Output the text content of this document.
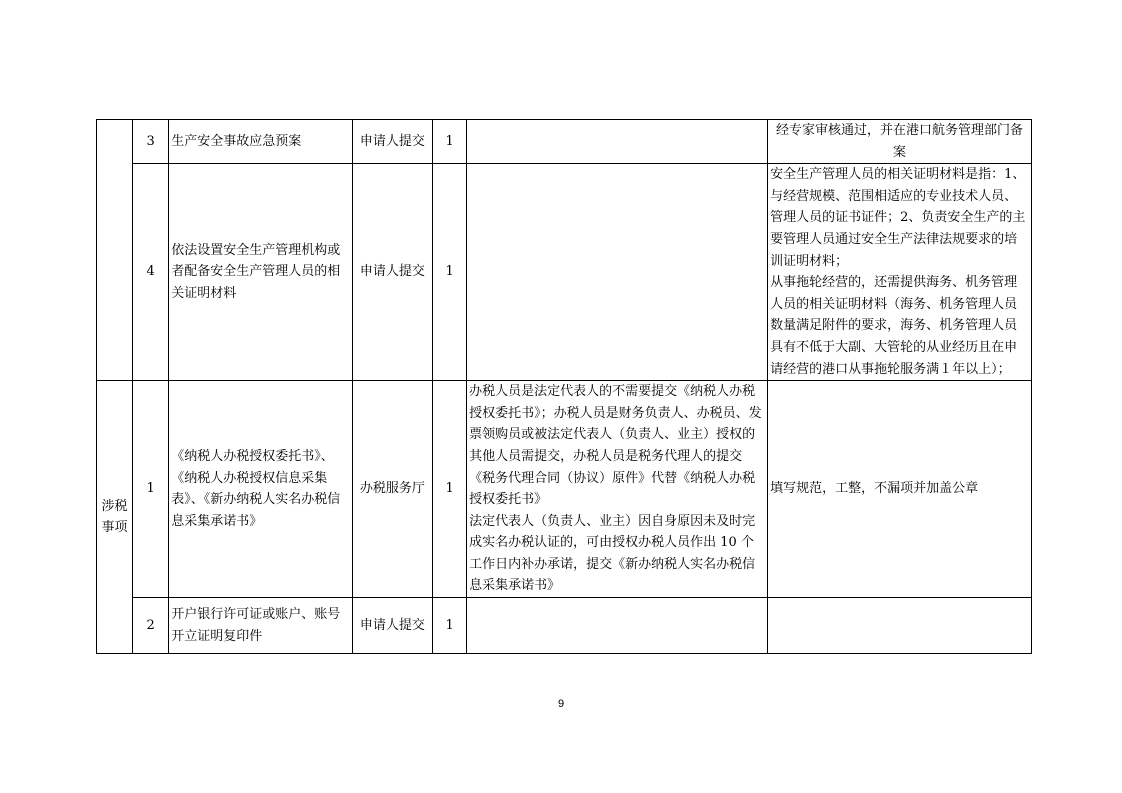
	3	生产安全事故应急预案	申请人提交	1		经专家审核通过，并在港口航务管理部门备案
	4	依法设置安全生产管理机构或者配备安全生产管理人员的相关证明材料	申请人提交	1		安全生产管理人员的相关证明材料是指：1、与经营规模、范围相适应的专业技术人员、管理人员的证书证件；2、负责安全生产的主要管理人员通过安全生产法律法规要求的培训证明材料；
从事拖轮经营的，还需提供海务、机务管理人员的相关证明材料（海务、机务管理人员数量满足附件的要求，海务、机务管理人员具有不低于大副、大管轮的从业经历且在申请经营的港口从事拖轮服务满１年以上）；
涉税事项	1	《纳税人办税授权委托书》、《纳税人办税授权信息采集表》、《新办纳税人实名办税信息采集承诺书》	办税服务厅	1	办税人员是法定代表人的不需要提交《纳税人办税授权委托书》；办税人员是财务负责人、办税员、发票领购员或被法定代表人（负责人、业主）授权的其他人员需提交，办税人员是税务代理人的提交《税务代理合同（协议）原件》代替《纳税人办税授权委托书》
法定代表人（负责人、业主）因自身原因未及时完成实名办税认证的，可由授权办税人员作出 10 个工作日内补办承诺，提交《新办纳税人实名办税信息采集承诺书》	填写规范，工整，不漏项并加盖公章
	2	开户银行许可证或账户、账号开立证明复印件	申请人提交	1		
9
